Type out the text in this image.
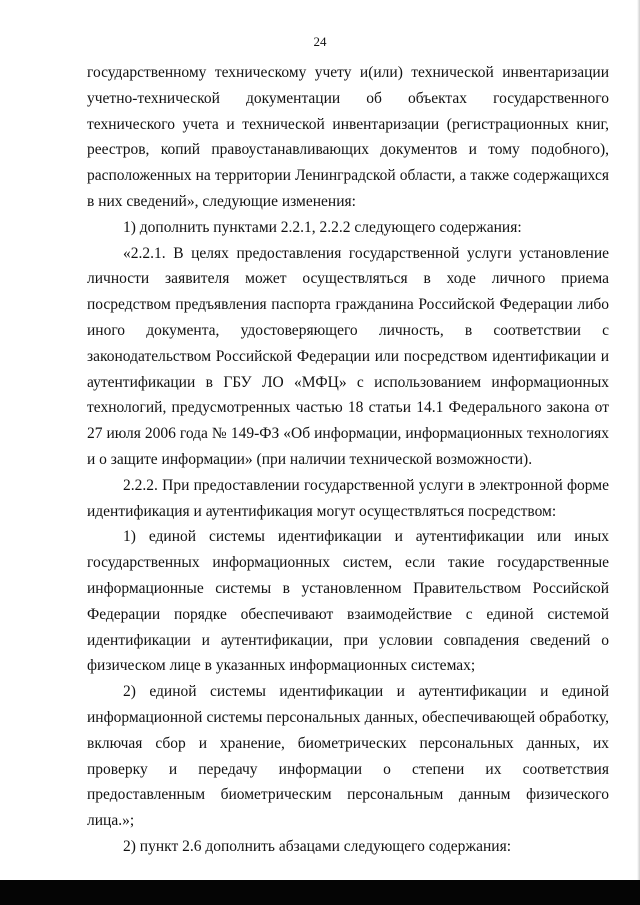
24

государственному техническому учету и(или) технической инвентаризации учетно-технической документации об объектах государственного технического учета и технической инвентаризации (регистрационных книг, реестров, копий правоустанавливающих документов и тому подобного), расположенных на территории Ленинградской области, а также содержащихся в них сведений», следующие изменения:

1) дополнить пунктами 2.2.1, 2.2.2 следующего содержания:

«2.2.1. В целях предоставления государственной услуги установление личности заявителя может осуществляться в ходе личного приема посредством предъявления паспорта гражданина Российской Федерации либо иного документа, удостоверяющего личность, в соответствии с законодательством Российской Федерации или посредством идентификации и аутентификации в ГБУ ЛО «МФЦ» с использованием информационных технологий, предусмотренных частью 18 статьи 14.1 Федерального закона от 27 июля 2006 года № 149-ФЗ «Об информации, информационных технологиях и о защите информации» (при наличии технической возможности).

2.2.2. При предоставлении государственной услуги в электронной форме идентификация и аутентификация могут осуществляться посредством:

1) единой системы идентификации и аутентификации или иных государственных информационных систем, если такие государственные информационные системы в установленном Правительством Российской Федерации порядке обеспечивают взаимодействие с единой системой идентификации и аутентификации, при условии совпадения сведений о физическом лице в указанных информационных системах;

2) единой системы идентификации и аутентификации и единой информационной системы персональных данных, обеспечивающей обработку, включая сбор и хранение, биометрических персональных данных, их проверку и передачу информации о степени их соответствия предоставленным биометрическим персональным данным физического лица.»;

2) пункт 2.6 дополнить абзацами следующего содержания:
